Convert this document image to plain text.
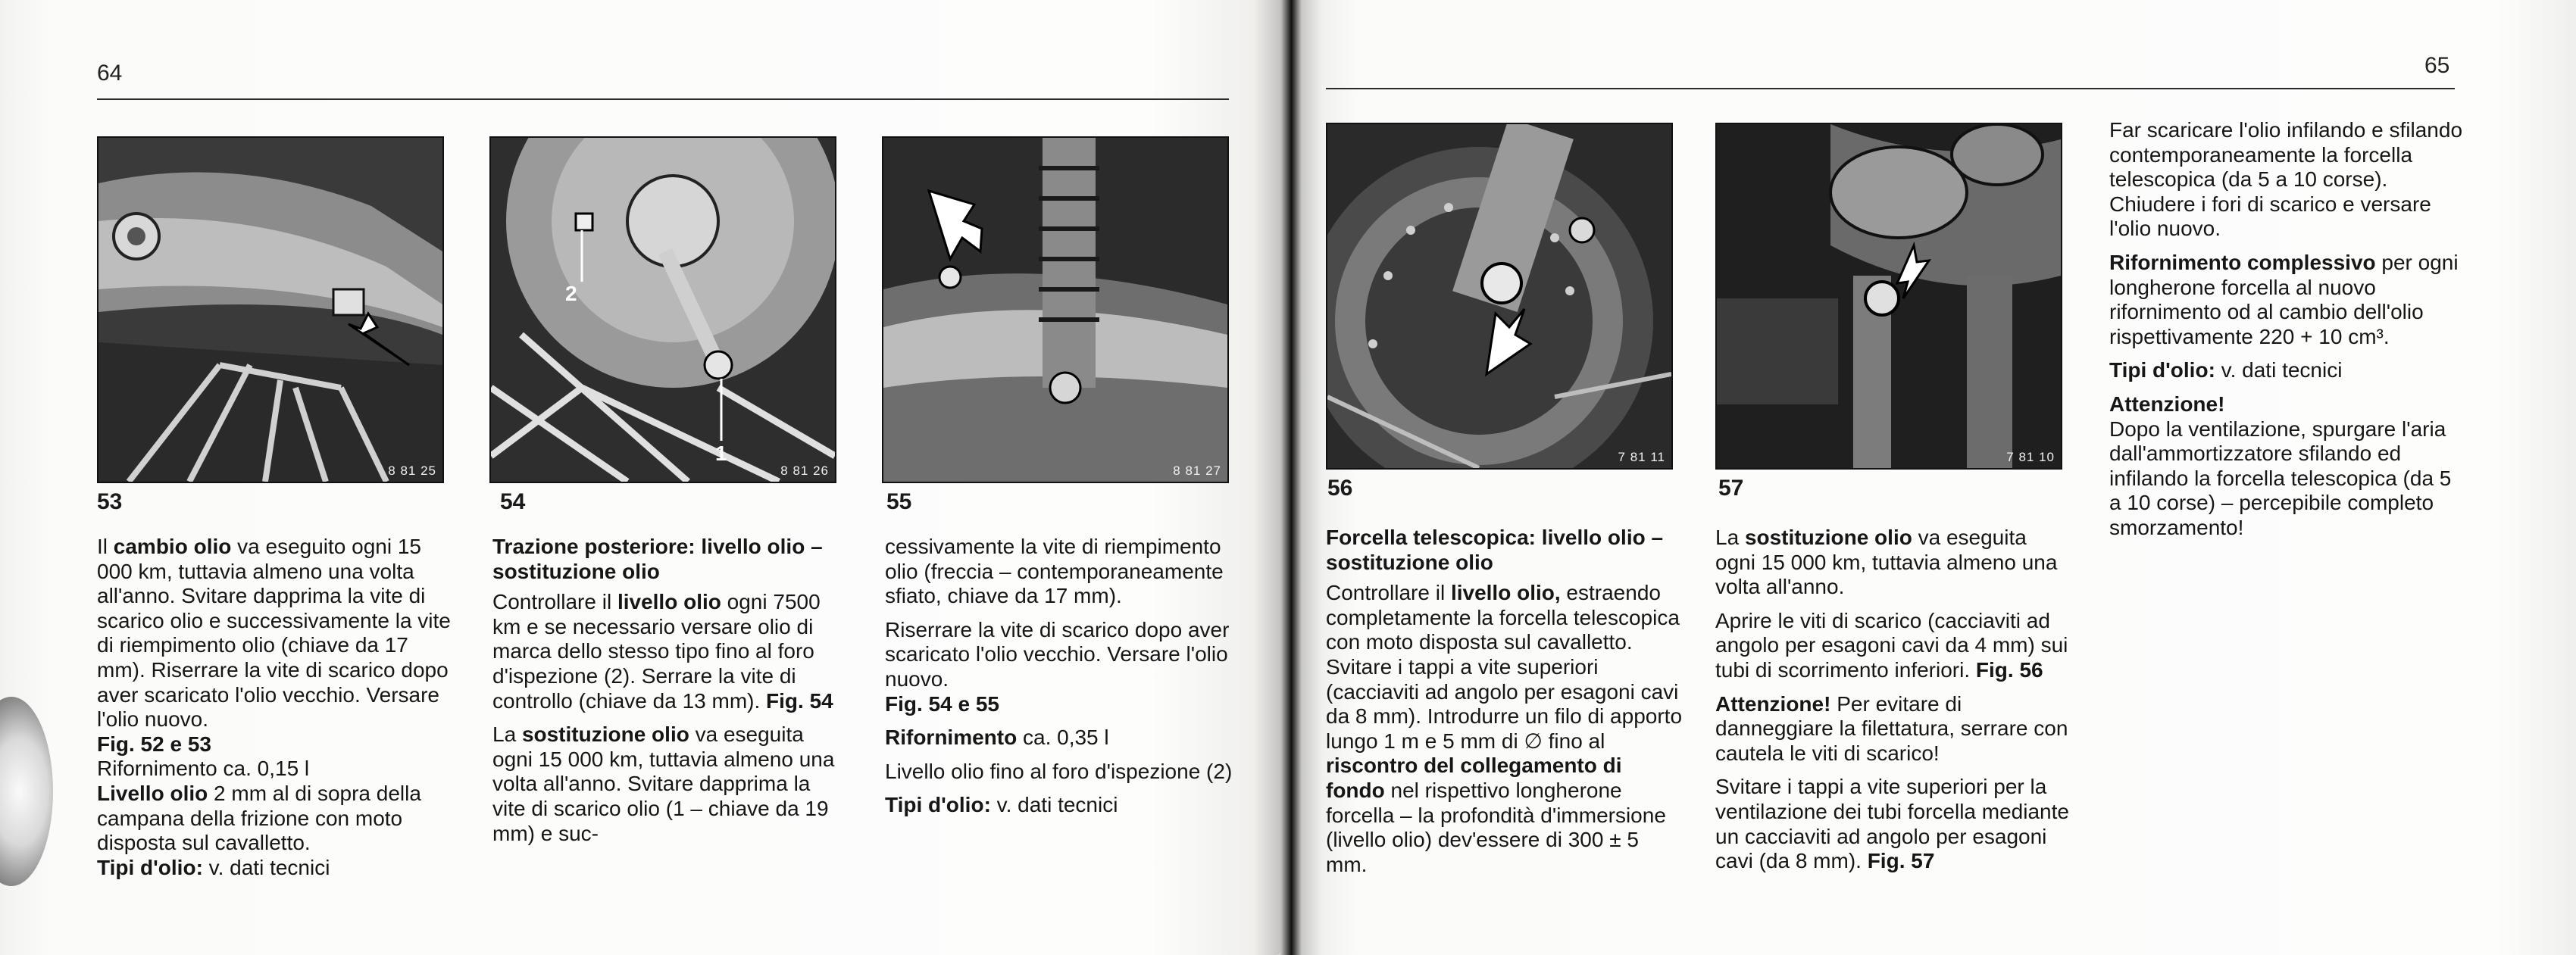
64
8 81 25
53
2
1
8 81 26
54
8 81 27
55

Il cambio olio va eseguito ogni 15 000 km, tuttavia almeno una volta all'anno. Svitare dapprima la vite di scarico olio e successivamente la vite di riempimento olio (chiave da 17 mm). Riserrare la vite di scarico dopo aver scaricato l'olio vecchio. Versare l'olio nuovo.

Fig. 52 e 53

Rifornimento ca. 0,15 l

Livello olio 2 mm al di sopra della campana della frizione con moto disposta sul cavalletto.

Tipi d'olio: v. dati tecnici

Trazione posteriore: livello olio – sostituzione olio

Controllare il livello olio ogni 7500 km e se necessario versare olio di marca dello stesso tipo fino al foro d'ispezione (2). Serrare la vite di controllo (chiave da 13 mm). Fig. 54

La sostituzione olio va eseguita ogni 15 000 km, tuttavia almeno una volta all'anno. Svitare dapprima la vite di scarico olio (1 – chiave da 19 mm) e suc-

cessivamente la vite di riempimento olio (freccia – contemporaneamente sfiato, chiave da 17 mm).

Riserrare la vite di scarico dopo aver scaricato l'olio vecchio. Versare l'olio nuovo.
Fig. 54 e 55

Rifornimento ca. 0,35 l

Livello olio fino al foro d'ispezione (2)

Tipi d'olio: v. dati tecnici

65
7 81 11
56
7 81 10
57
Forcella telescopica: livello olio – sostituzione olio

Controllare il livello olio, estraendo completamente la forcella telescopica con moto disposta sul cavalletto. Svitare i tappi a vite superiori (cacciaviti ad angolo per esagoni cavi da 8 mm). Introdurre un filo di apporto lungo 1 m e 5 mm di ∅ fino al riscontro del collegamento di fondo nel rispettivo longherone forcella – la profondità d'immersione (livello olio) dev'essere di 300 ± 5 mm.

La sostituzione olio va eseguita ogni 15 000 km, tuttavia almeno una volta all'anno.

Aprire le viti di scarico (cacciaviti ad angolo per esagoni cavi da 4 mm) sui tubi di scorrimento inferiori. Fig. 56

Attenzione! Per evitare di danneggiare la filettatura, serrare con cautela le viti di scarico!

Svitare i tappi a vite superiori per la ventilazione dei tubi forcella mediante un cacciaviti ad angolo per esagoni cavi (da 8 mm). Fig. 57

Far scaricare l'olio infilando e sfilando contemporaneamente la forcella telescopica (da 5 a 10 corse). Chiudere i fori di scarico e versare l'olio nuovo.

Rifornimento complessivo per ogni longherone forcella al nuovo rifornimento od al cambio dell'olio rispettivamente 220 + 10 cm³.

Tipi d'olio: v. dati tecnici

Attenzione!

Dopo la ventilazione, spurgare l'aria dall'ammortizzatore sfilando ed infilando la forcella telescopica (da 5 a 10 corse) – percepibile completo smorzamento!
